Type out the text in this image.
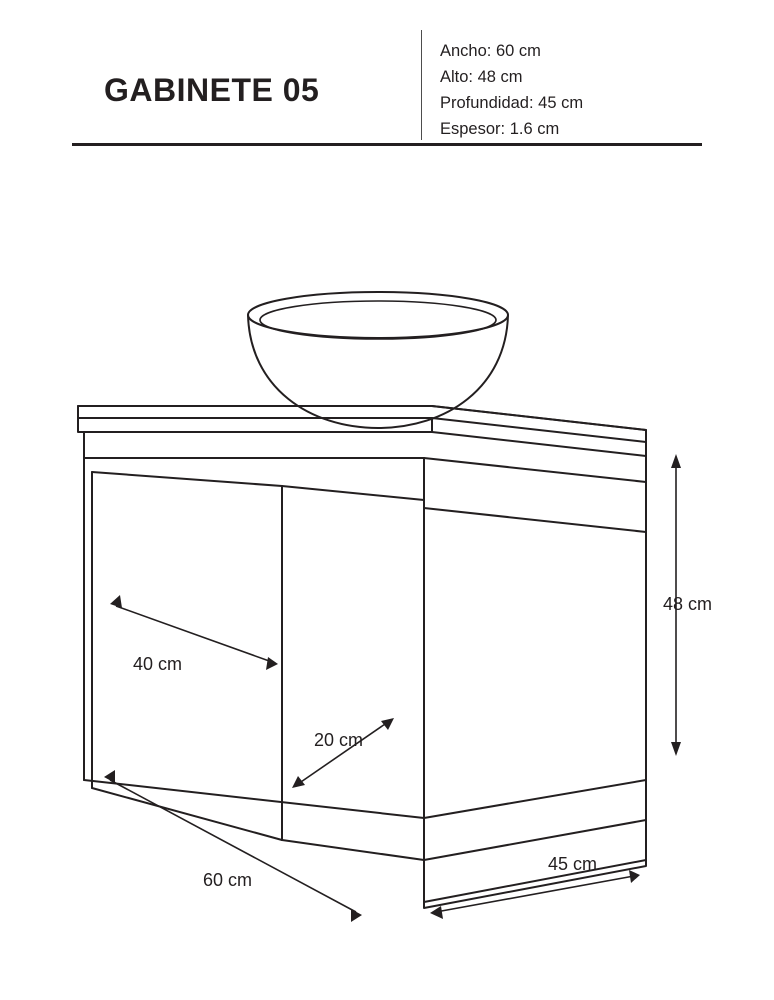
GABINETE 05
Ancho: 60 cm
Alto: 48 cm
Profundidad: 45 cm
Espesor: 1.6 cm
48 cm
40 cm
20 cm
45 cm
60 cm
